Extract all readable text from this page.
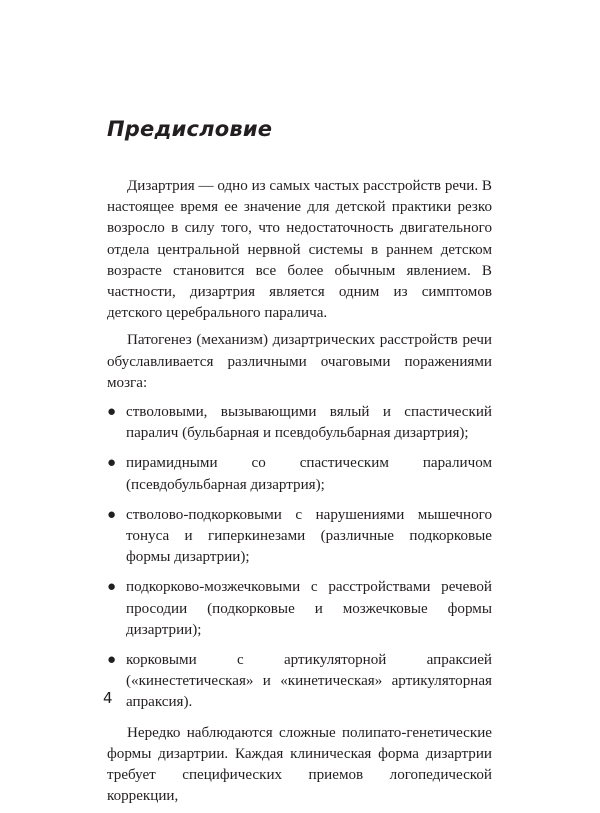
Предисловие

Дизартрия — одно из самых частых расстройств речи. В настоящее время ее значение для детской практики резко возросло в силу того, что недостаточность двигательного отдела центральной нервной системы в раннем детском возрасте становится все более обычным явлением. В частности, дизартрия является одним из симптомов детского церебрального паралича.

Патогенез (механизм) дизартрических расстройств речи обуславливается различными очаговыми поражениями мозга:

● стволовыми, вызывающими вялый и спастический паралич (бульбарная и псевдобульбарная дизартрия);
● пирамидными со спастическим параличом (псевдобульбарная дизартрия);
● стволово-подкорковыми с нарушениями мышечного тонуса и гиперкинезами (различные подкорковые формы дизартрии);
● подкорково-мозжечковыми с расстройствами речевой просодии (подкорковые и мозжечковые формы дизартрии);
● корковыми с артикуляторной апраксией («кинестетическая» и «кинетическая» артикуляторная апраксия).

Нередко наблюдаются сложные полипато-генетические формы дизартрии. Каждая клиническая форма дизартрии требует специфических приемов логопедической коррекции,

4
